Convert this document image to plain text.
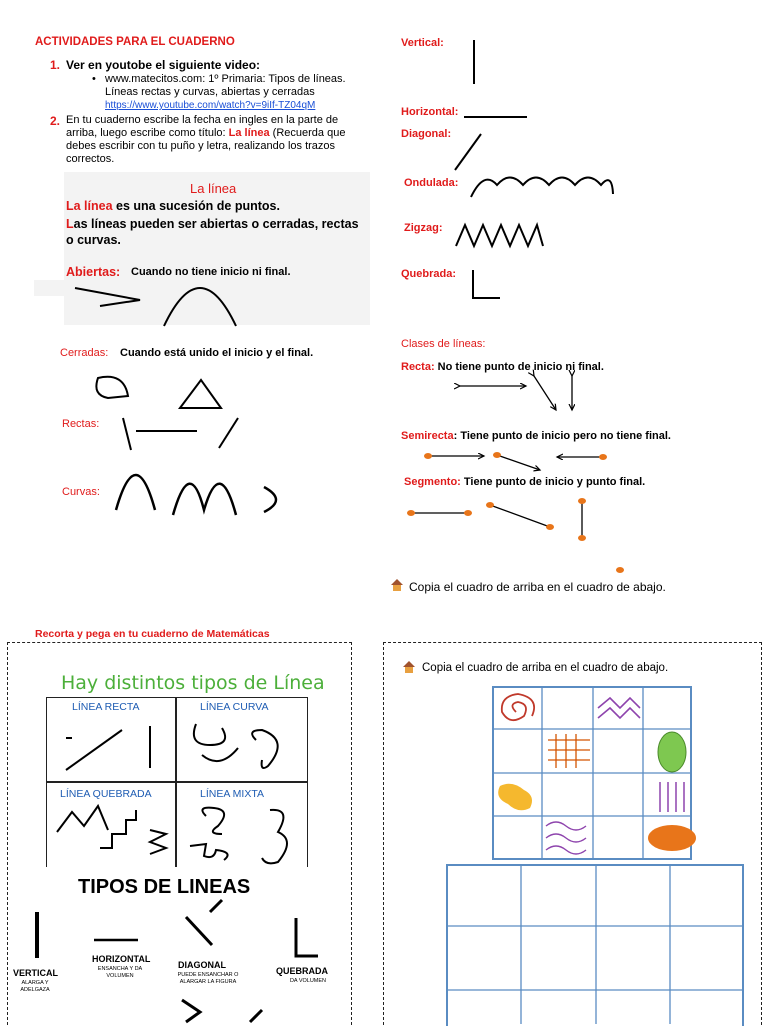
ACTIVIDADES PARA EL CUADERNO
1. Ver en youtobe el siguiente video:
• www.matecitos.com: 1º Primaria: Tipos de líneas. Líneas rectas y curvas, abiertas y cerradas
https://www.youtube.com/watch?v=9iIf-TZ04qM
2. En tu cuaderno escribe la fecha en ingles en la parte de arriba, luego escribe como título: La línea (Recuerda que debes escribir con tu puño y letra, realizando los trazos correctos.
La línea
La línea es una sucesión de puntos.
Las líneas pueden ser abiertas o cerradas, rectas o curvas.
Abiertas: Cuando no tiene inicio ni final.
Cerradas: Cuando está unido el inicio y el final.
Rectas:
Curvas:
Vertical:
Horizontal:
Diagonal:
Ondulada:
Zigzag:
Quebrada:
Clases de líneas:
Recta: No tiene punto de inicio ni final.
Semirecta: Tiene punto de inicio pero no tiene final.
Segmento: Tiene punto de inicio y punto final.
Copia el cuadro de arriba en el cuadro de abajo.
Recorta y pega en tu cuaderno de Matemáticas
Hay distintos tipos de Línea
LÍNEA RECTA	LÍNEA CURVA
LÍNEA QUEBRADA	LÍNEA MIXTA
TIPOS DE LINEAS
HORIZONTAL
ENSANCHA Y DA VOLUMEN
DIAGONAL
PUEDE ENSANCHAR O ALARGAR LA FIGURA
VERTICAL
ALARGA Y ADELGAZA
QUEBRADA
DA VOLUMEN
Copia el cuadro de arriba en el cuadro de abajo.
